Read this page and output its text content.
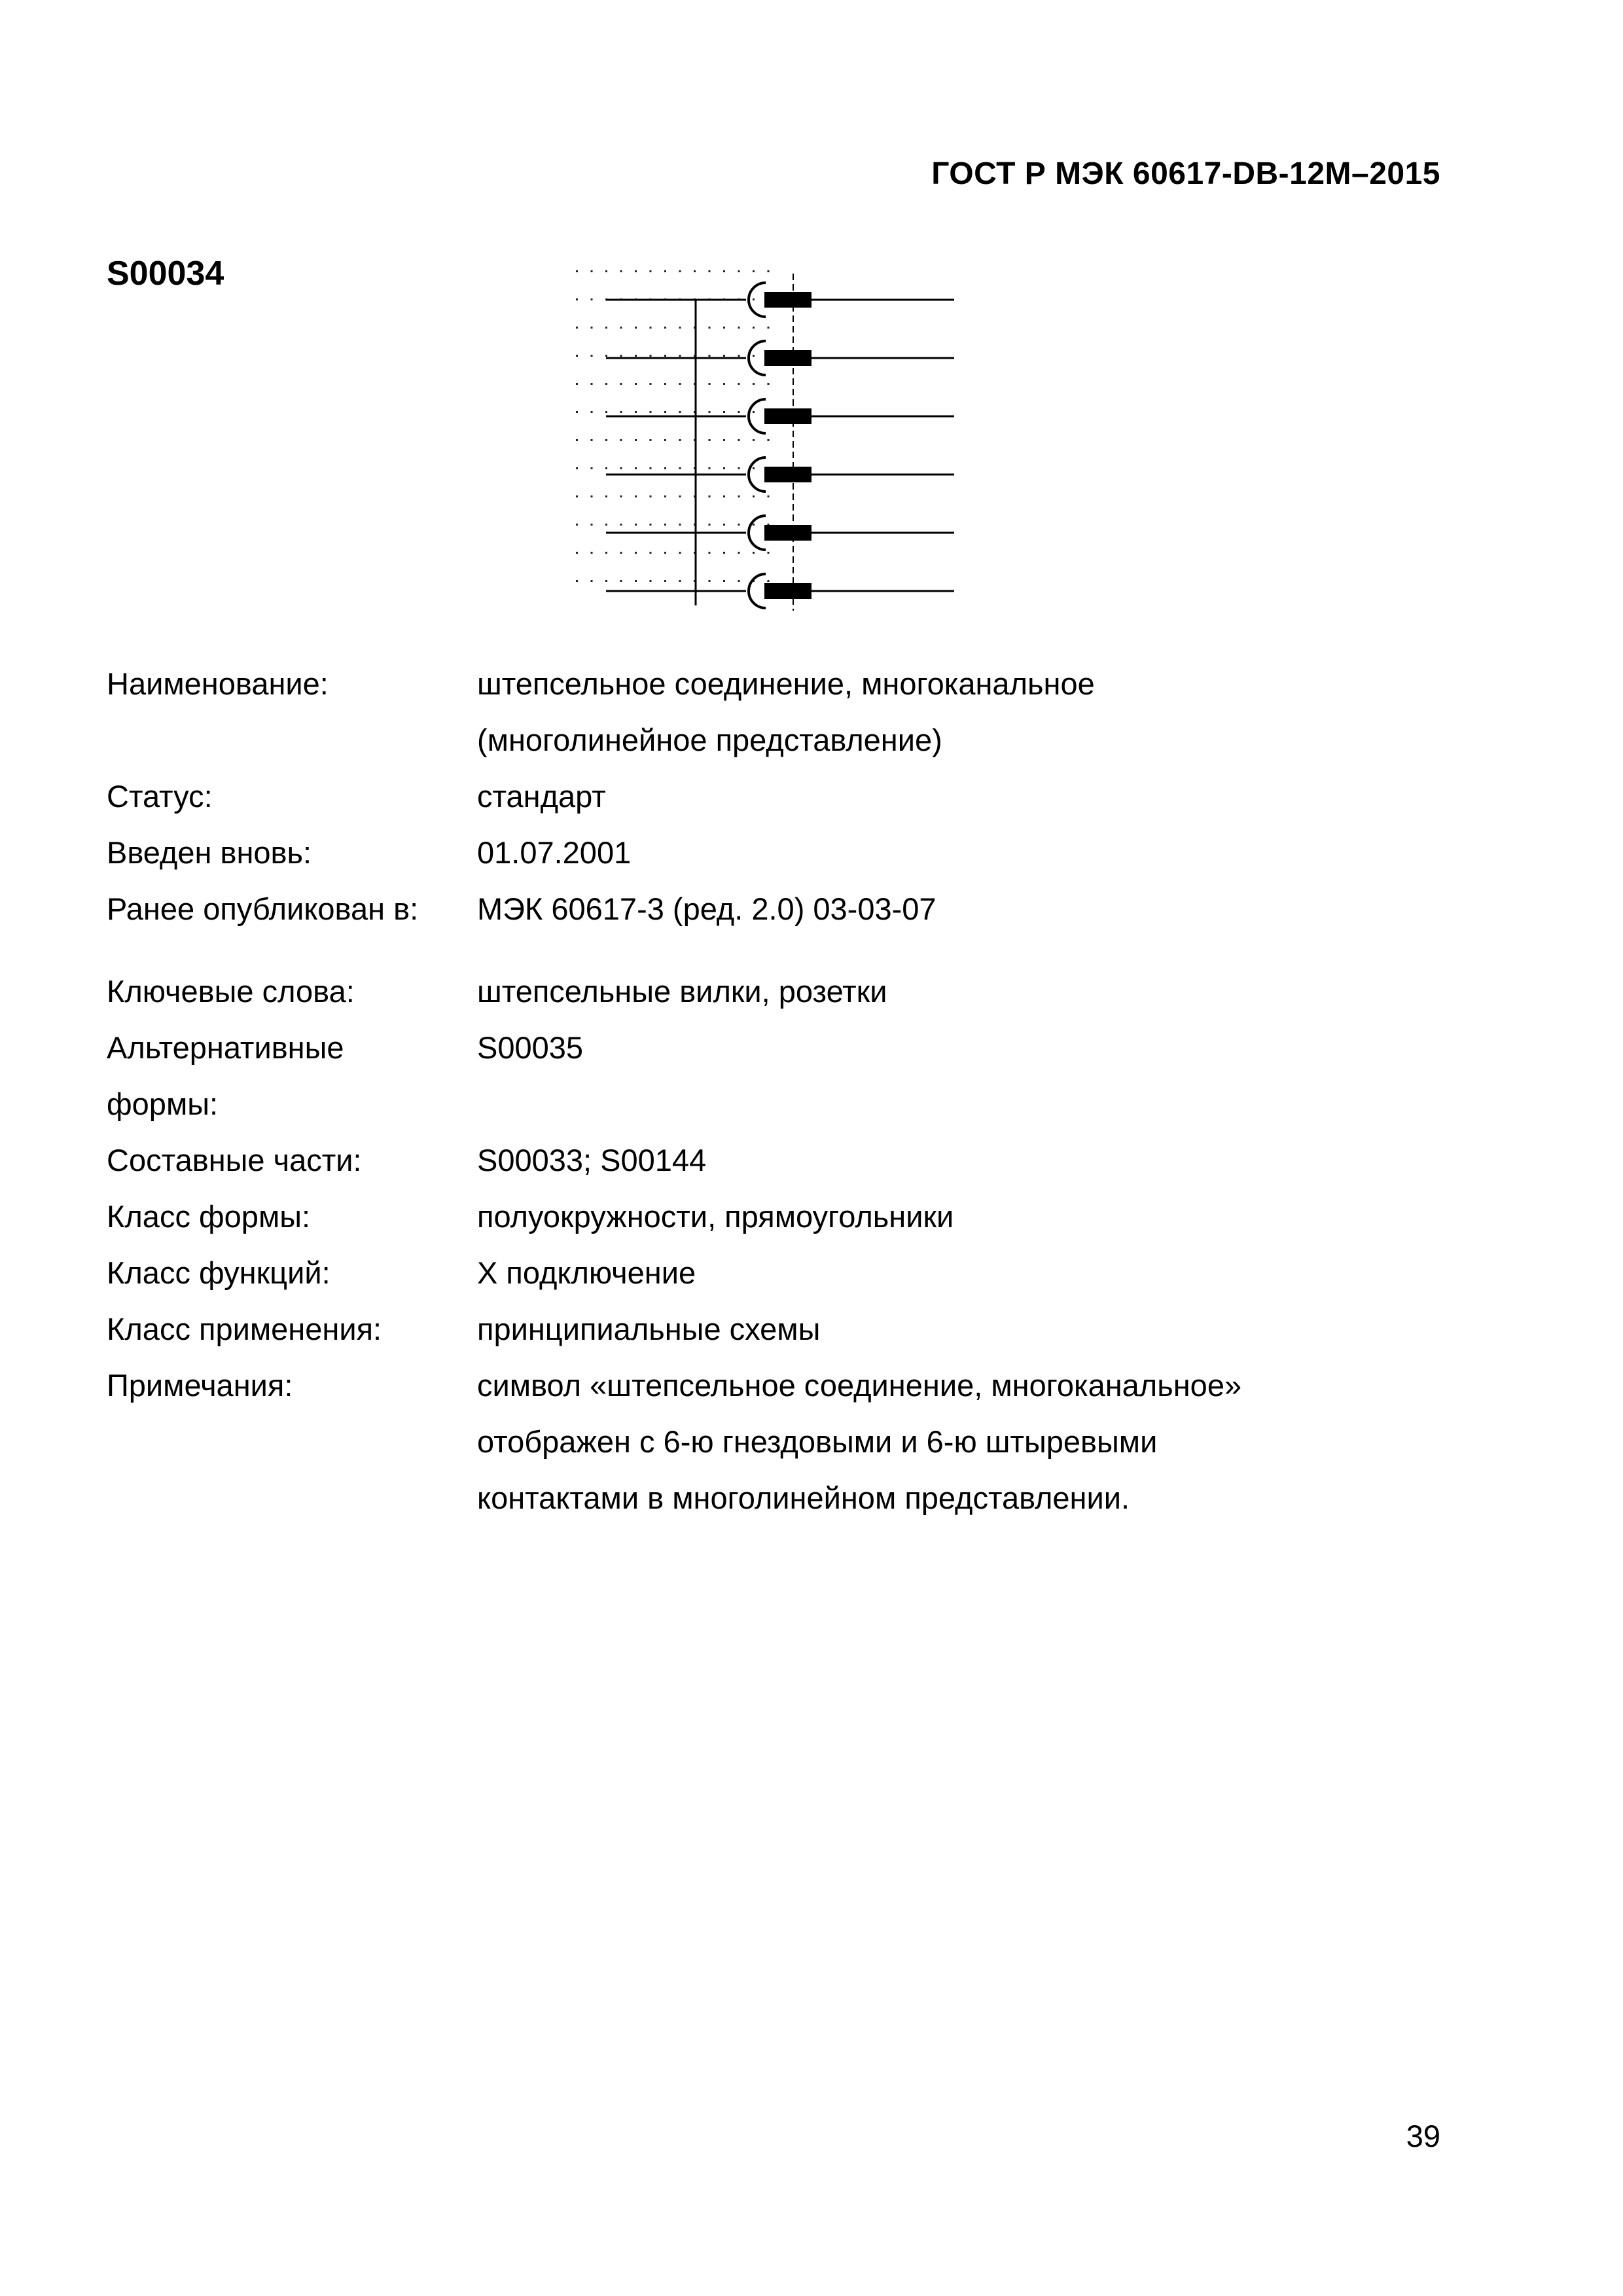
ГОСТ Р МЭК 60617-DB-12M–2015
S00034
Наименование:	штепсельное соединение, многоканальное
(многолинейное представление)
Статус:	стандарт
Введен вновь:	01.07.2001
Ранее опубликован в:	МЭК 60617-3 (ред. 2.0) 03-03-07
Ключевые слова:	штепсельные вилки, розетки
Альтернативные
формы:
S00035
Составные части:	S00033; S00144
Класс формы:	полуокружности, прямоугольники
Класс функций:	X подключение
Класс применения:	принципиальные схемы
Примечания:	символ «штепсельное соединение, многоканальное»
отображен с 6-ю гнездовыми и 6-ю штыревыми
контактами в многолинейном представлении.
39
